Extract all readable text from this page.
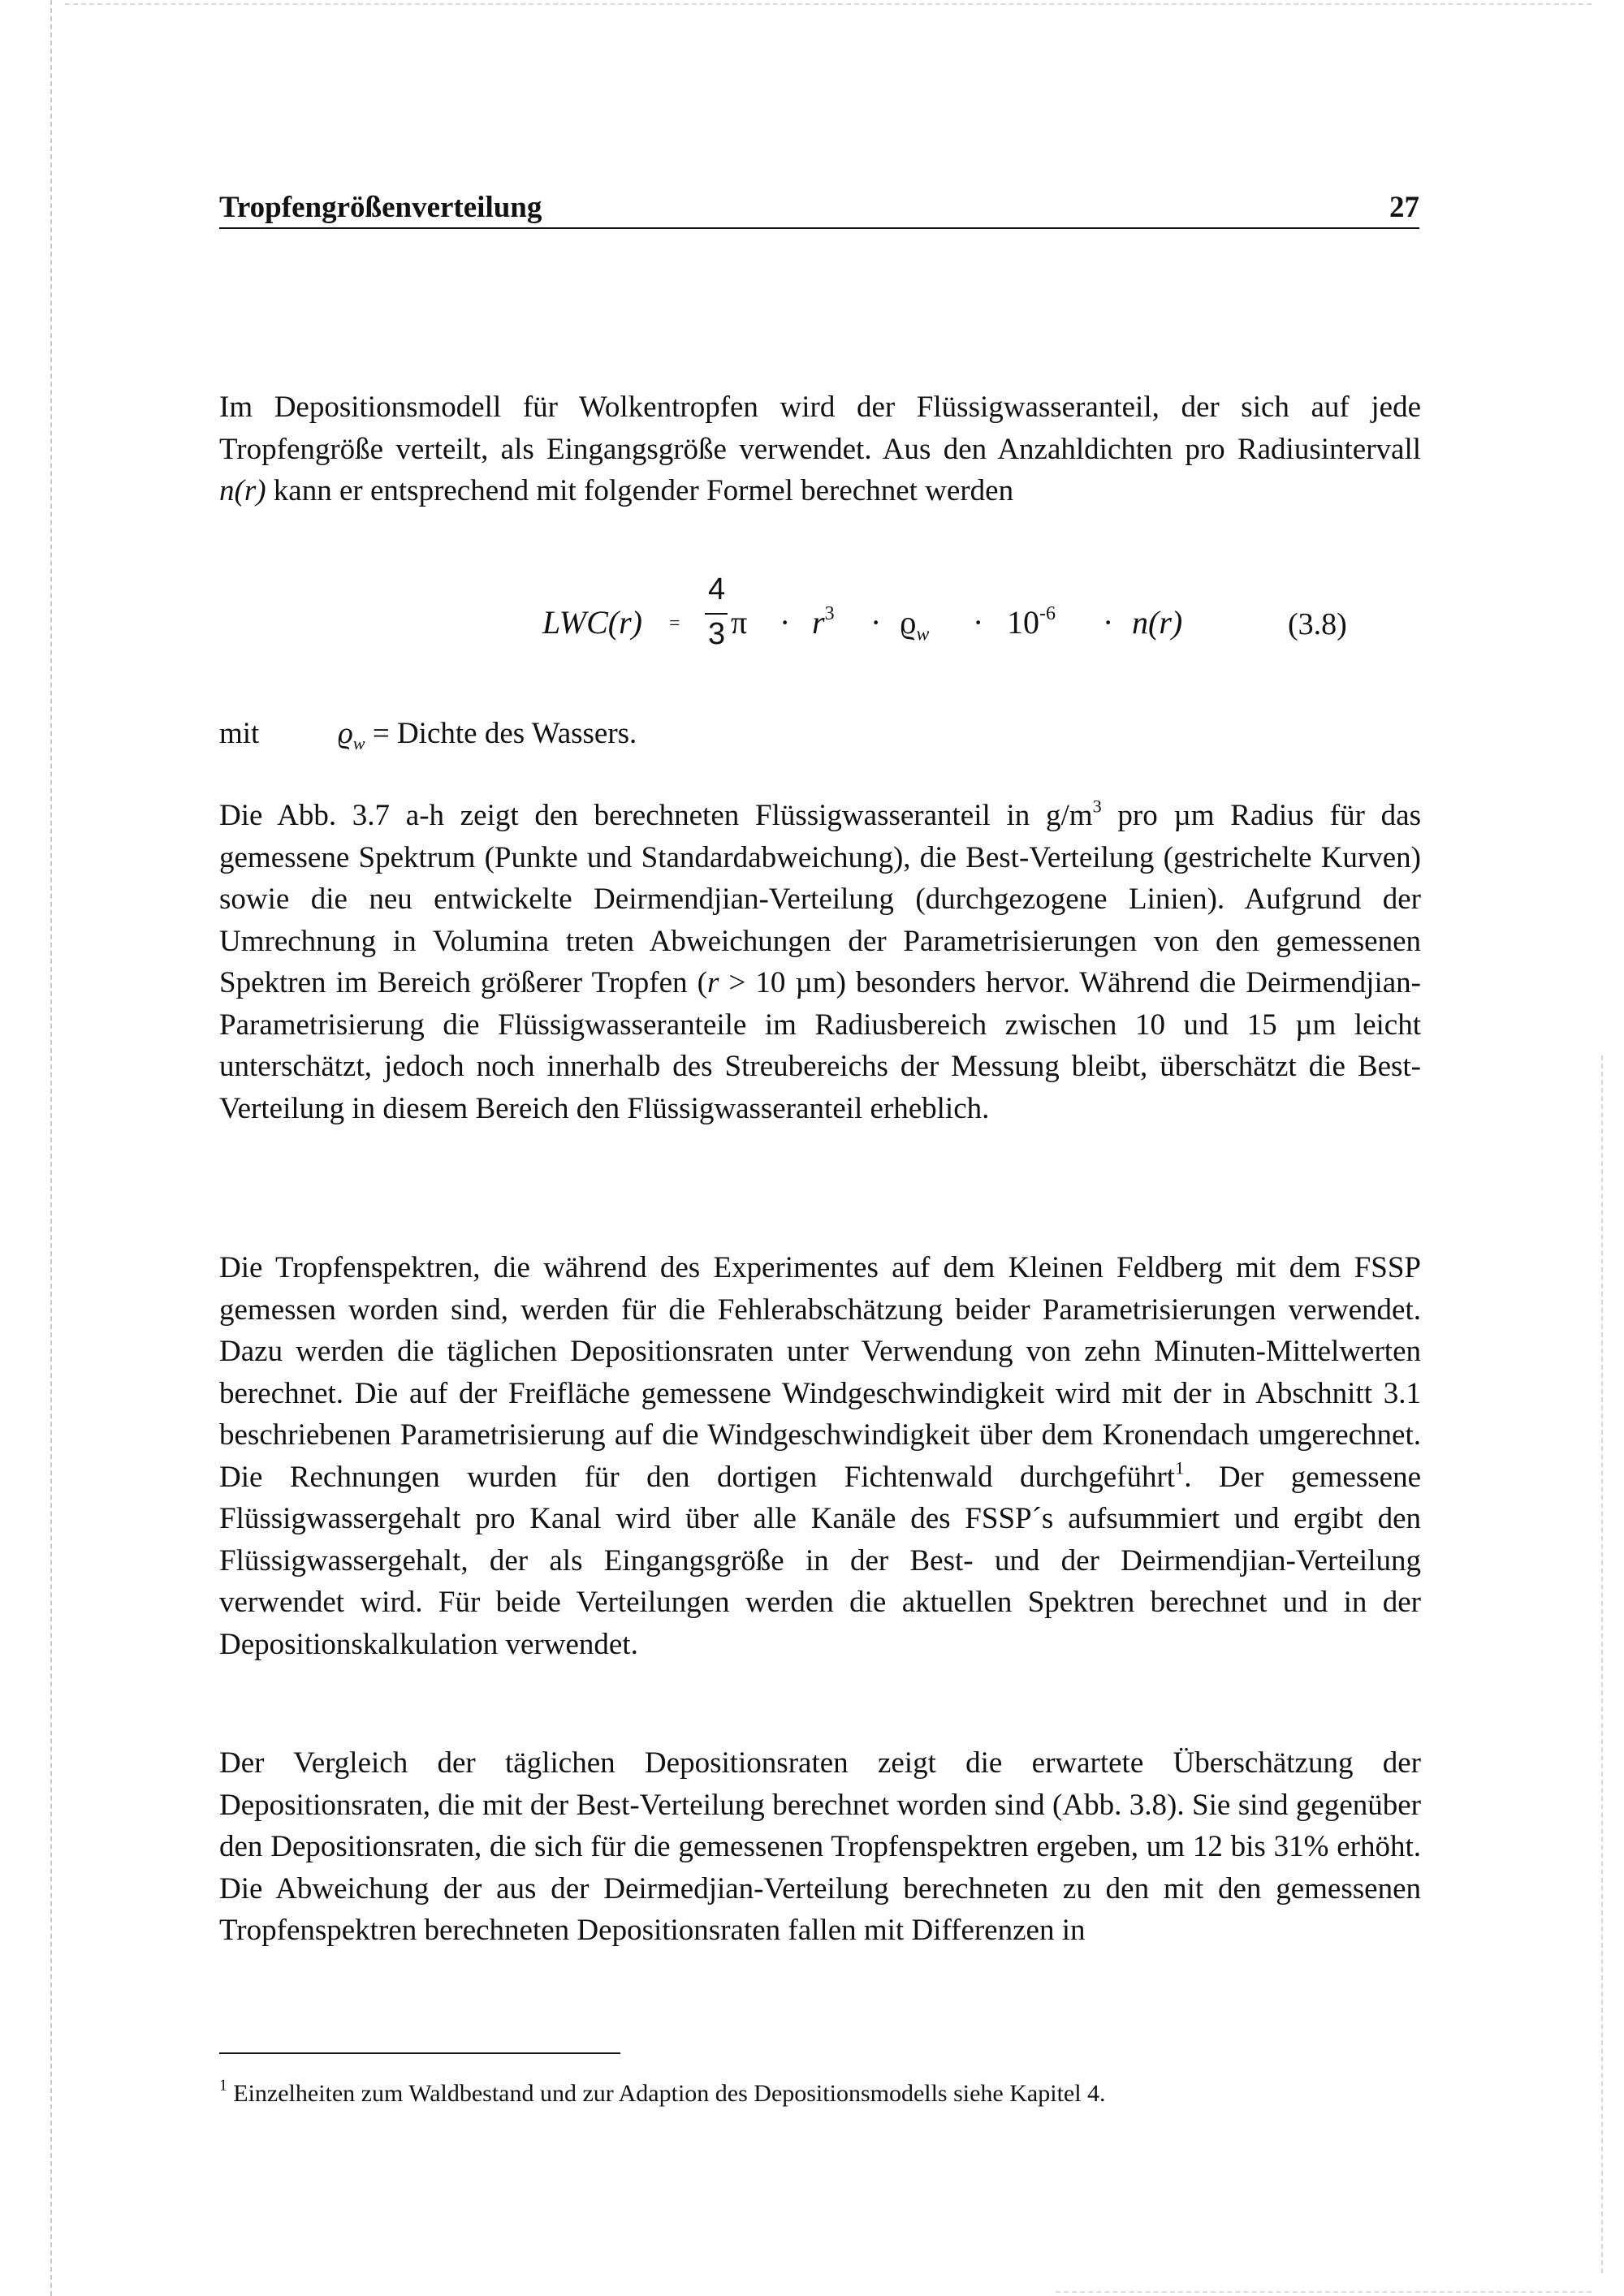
Tropfengrößenverteilung	27

Im Depositionsmodell für Wolkentropfen wird der Flüssigwasseranteil, der sich auf jede Tropfengröße verteilt, als Eingangsgröße verwendet. Aus den Anzahldichten pro Radiusintervall n(r) kann er entsprechend mit folgender Formel berechnet werden

LWC(r) =
4
3 $\pi \cdot r^3 \cdot ϱ_w \cdot 10^{-6} \cdot n(r)$	(3.8)
mit	$ϱ_w$ = Dichte des Wassers.

Die Abb. 3.7 a-h zeigt den berechneten Flüssigwasseranteil in $g/m^3$ pro µm Radius für das gemessene Spektrum (Punkte und Standardabweichung), die Best-Verteilung (gestrichelte Kurven) sowie die neu entwickelte Deirmendjian-Verteilung (durchgezogene Linien). Aufgrund der Umrechnung in Volumina treten Abweichungen der Parametrisierungen von den gemessenen Spektren im Bereich größerer Tropfen (r > 10 µm) besonders hervor. Während die Deirmendjian-Parametrisierung die Flüssigwasseranteile im Radiusbereich zwischen 10 und 15 µm leicht unterschätzt, jedoch noch innerhalb des Streubereichs der Messung bleibt, überschätzt die Best-Verteilung in diesem Bereich den Flüssigwasseranteil erheblich.

Die Tropfenspektren, die während des Experimentes auf dem Kleinen Feldberg mit dem FSSP gemessen worden sind, werden für die Fehlerabschätzung beider Parametrisierungen verwendet. Dazu werden die täglichen Depositionsraten unter Verwendung von zehn Minuten-Mittelwerten berechnet. Die auf der Freifläche gemessene Windgeschwindigkeit wird mit der in Abschnitt 3.1 beschriebenen Parametrisierung auf die Windgeschwindigkeit über dem Kronendach umgerechnet. Die Rechnungen wurden für den dortigen Fichtenwald durchgeführt$^1$. Der gemessene Flüssigwassergehalt pro Kanal wird über alle Kanäle des FSSP´s aufsummiert und ergibt den Flüssigwassergehalt, der als Eingangsgröße in der Best- und der Deirmendjian-Verteilung verwendet wird. Für beide Verteilungen werden die aktuellen Spektren berechnet und in der Depositionskalkulation verwendet.

Der Vergleich der täglichen Depositionsraten zeigt die erwartete Überschätzung der Depositionsraten, die mit der Best-Verteilung berechnet worden sind (Abb. 3.8). Sie sind gegenüber den Depositionsraten, die sich für die gemessenen Tropfenspektren ergeben, um 12 bis 31% erhöht. Die Abweichung der aus der Deirmedjian-Verteilung berechneten zu den mit den gemessenen Tropfenspektren berechneten Depositionsraten fallen mit Differenzen in

$^1$ Einzelheiten zum Waldbestand und zur Adaption des Depositionsmodells siehe Kapitel 4.
